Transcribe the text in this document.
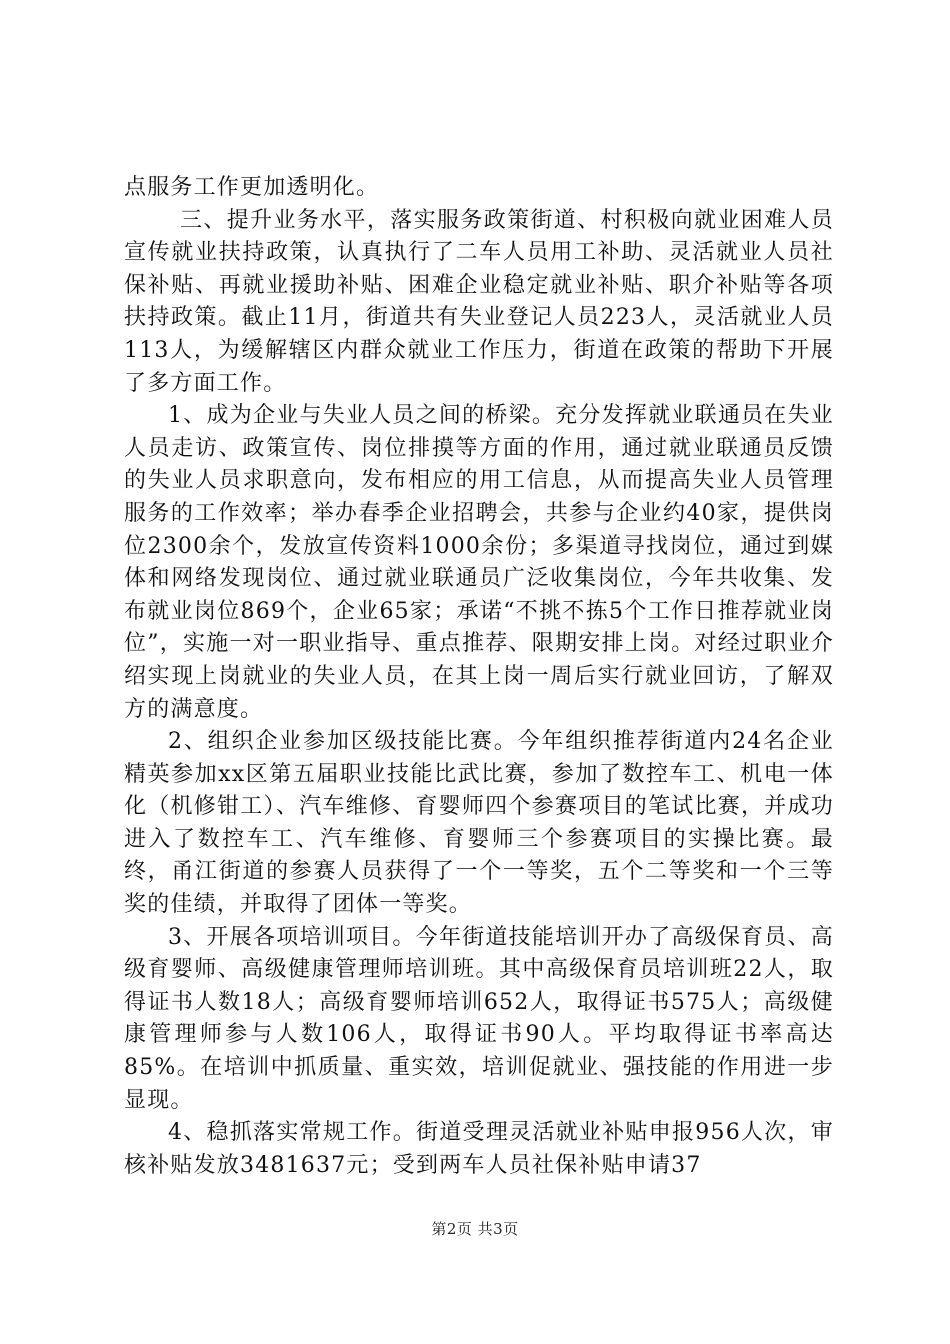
点服务工作更加透明化。

三、提升业务水平，落实服务政策街道、村积极向就业困难人员宣传就业扶持政策，认真执行了二车人员用工补助、灵活就业人员社保补贴、再就业援助补贴、困难企业稳定就业补贴、职介补贴等各项扶持政策。截止11月，街道共有失业登记人员223人，灵活就业人员113人，为缓解辖区内群众就业工作压力，街道在政策的帮助下开展了多方面工作。

1、成为企业与失业人员之间的桥梁。充分发挥就业联通员在失业人员走访、政策宣传、岗位排摸等方面的作用，通过就业联通员反馈的失业人员求职意向，发布相应的用工信息，从而提高失业人员管理服务的工作效率；举办春季企业招聘会，共参与企业约40家，提供岗位2300余个，发放宣传资料1000余份；多渠道寻找岗位，通过到媒体和网络发现岗位、通过就业联通员广泛收集岗位，今年共收集、发布就业岗位869个，企业65家；承诺“不挑不拣5个工作日推荐就业岗位”，实施一对一职业指导、重点推荐、限期安排上岗。对经过职业介绍实现上岗就业的失业人员，在其上岗一周后实行就业回访，了解双方的满意度。

2、组织企业参加区级技能比赛。今年组织推荐街道内24名企业精英参加xx区第五届职业技能比武比赛，参加了数控车工、机电一体化（机修钳工）、汽车维修、育婴师四个参赛项目的笔试比赛，并成功进入了数控车工、汽车维修、育婴师三个参赛项目的实操比赛。最终，甬江街道的参赛人员获得了一个一等奖，五个二等奖和一个三等奖的佳绩，并取得了团体一等奖。

3、开展各项培训项目。今年街道技能培训开办了高级保育员、高级育婴师、高级健康管理师培训班。其中高级保育员培训班22人，取得证书人数18人；高级育婴师培训652人，取得证书575人；高级健康管理师参与人数106人，取得证书90人。平均取得证书率高达85%。在培训中抓质量、重实效，培训促就业、强技能的作用进一步显现。

4、稳抓落实常规工作。街道受理灵活就业补贴申报956人次，审核补贴发放3481637元；受到两车人员社保补贴申请37

第2页 共3页
